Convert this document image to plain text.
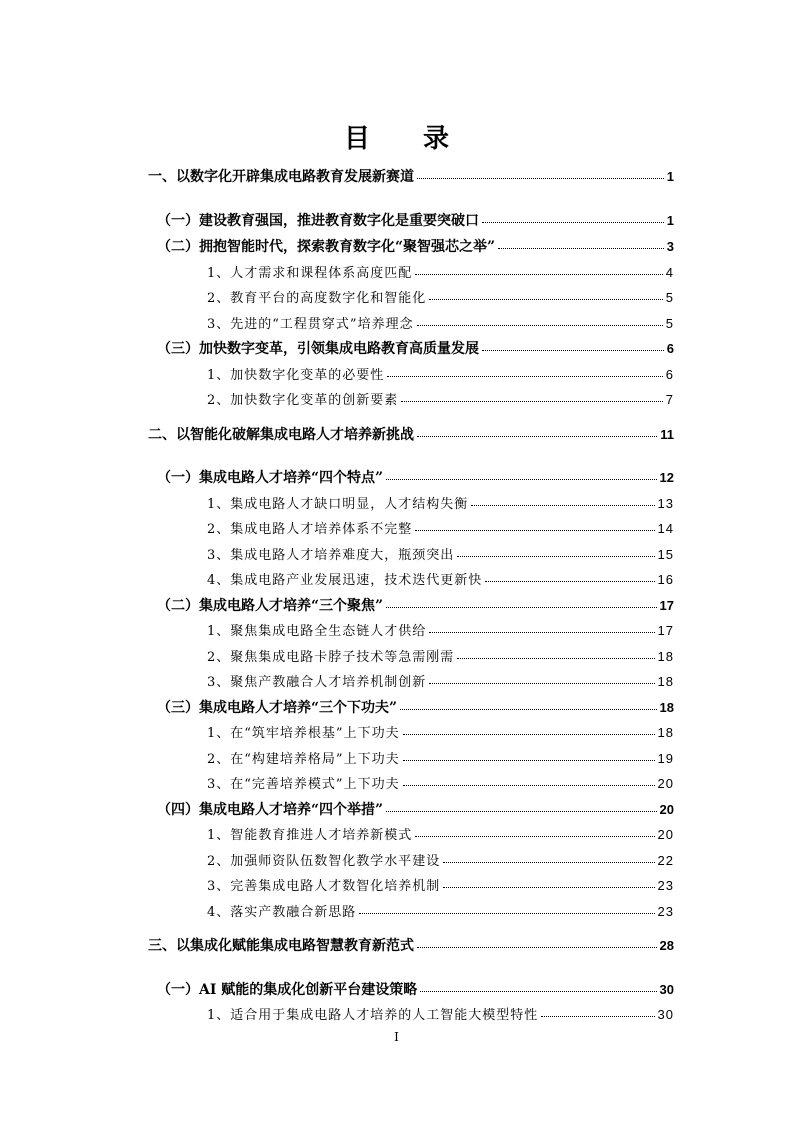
目 录
一、以数字化开辟集成电路教育发展新赛道	1
（一）建设教育强国，推进教育数字化是重要突破口	1
（二）拥抱智能时代，探索教育数字化“聚智强芯之举”	3
1、人才需求和课程体系高度匹配	4
2、教育平台的高度数字化和智能化	5
3、先进的“工程贯穿式”培养理念	5
（三）加快数字变革，引领集成电路教育高质量发展	6
1、加快数字化变革的必要性	6
2、加快数字化变革的创新要素	7
二、以智能化破解集成电路人才培养新挑战	11
（一）集成电路人才培养“四个特点”	12
1、集成电路人才缺口明显，人才结构失衡	13
2、集成电路人才培养体系不完整	14
3、集成电路人才培养难度大，瓶颈突出	15
4、集成电路产业发展迅速，技术迭代更新快	16
（二）集成电路人才培养“三个聚焦”	17
1、聚焦集成电路全生态链人才供给	17
2、聚焦集成电路卡脖子技术等急需刚需	18
3、聚焦产教融合人才培养机制创新	18
（三）集成电路人才培养“三个下功夫”	18
1、在“筑牢培养根基”上下功夫	18
2、在“构建培养格局”上下功夫	19
3、在“完善培养模式”上下功夫	20
（四）集成电路人才培养“四个举措”	20
1、智能教育推进人才培养新模式	20
2、加强师资队伍数智化教学水平建设	22
3、完善集成电路人才数智化培养机制	23
4、落实产教融合新思路	23
三、以集成化赋能集成电路智慧教育新范式	28
（一）AI 赋能的集成化创新平台建设策略	30
1、适合用于集成电路人才培养的人工智能大模型特性	30
I
